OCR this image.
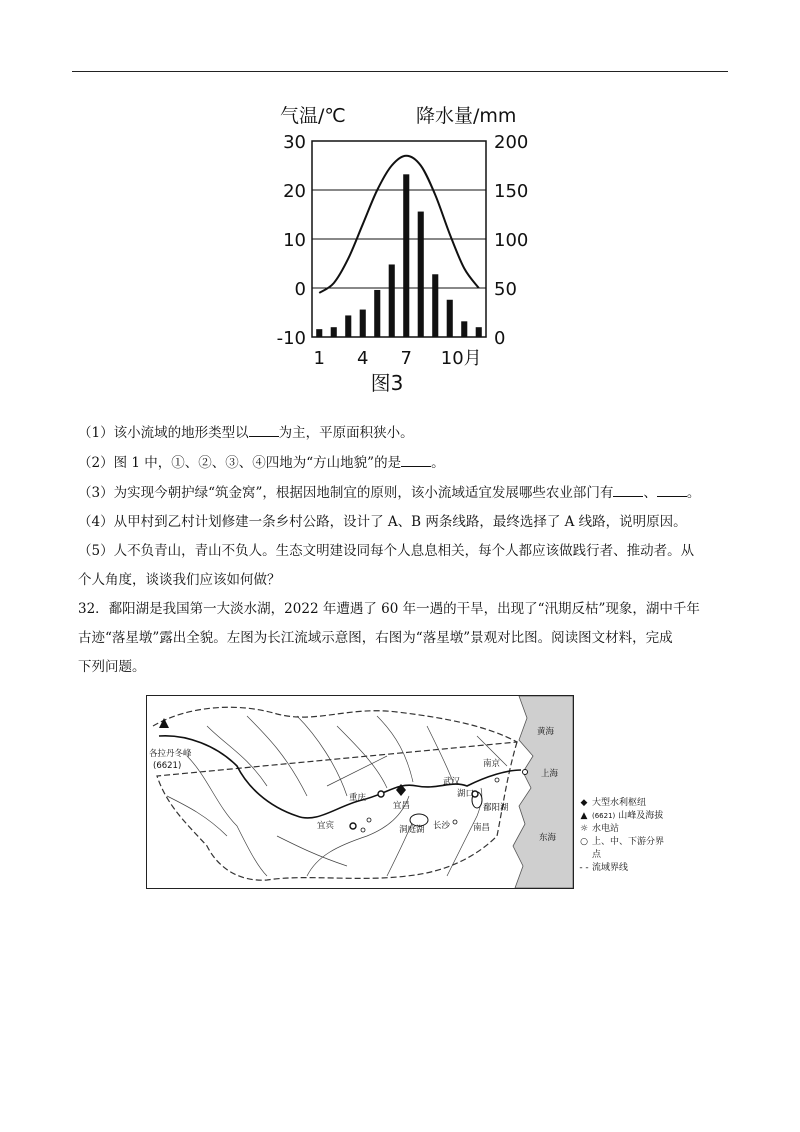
气温/℃	降水量/mm
30
20
10
0
-10
200
150
100
50
0
1 4 7 10月
图3
（1）该小流域的地形类型以 为主，平原面积狭小。
（2）图 1 中，①、②、③、④四地为“方山地貌”的是 。
（3）为实现今朝护绿“筑金窝”，根据因地制宜的原则，该小流域适宜发展哪些农业部门有 、 。
（4）从甲村到乙村计划修建一条乡村公路，设计了 A、B 两条线路，最终选择了 A 线路，说明原因。
（5）人不负青山，青山不负人。生态文明建设同每个人息息相关，每个人都应该做践行者、推动者。从
个人角度，谈谈我们应该如何做？
32．鄱阳湖是我国第一大淡水湖，2022 年遭遇了 60 年一遇的干旱，出现了“汛期反枯”现象，湖中千年
古迹“落星墩”露出全貌。左图为长江流域示意图，右图为“落星墩”景观对比图。阅读图文材料，完成
下列问题。
各拉丹冬峰
(6621)
黄海
东海
上海
南京
武汉
湖口
鄱阳湖
南昌
长沙
洞庭湖
宜昌
重庆
宜宾
◆ 大型水利枢纽
▲ (6621) 山峰及海拔
☼ 水电站
○ 上、中、下游分界点
- - 流域界线
